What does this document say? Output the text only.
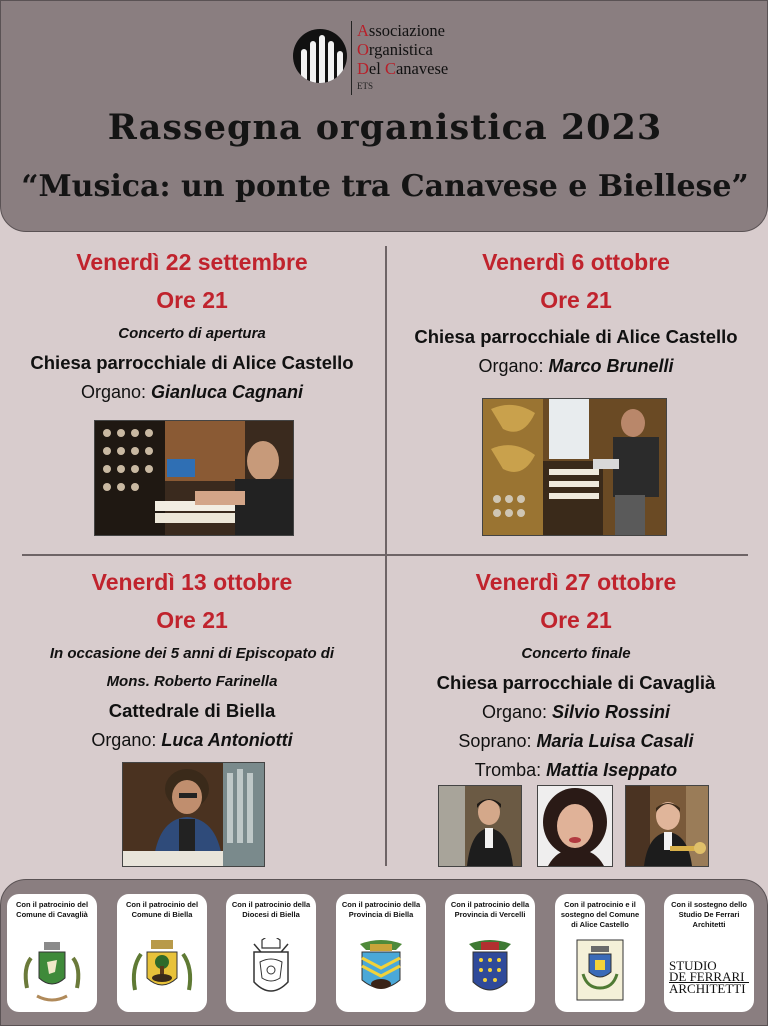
Associazione
Organistica
Del Canavese
ETS
Rassegna organistica 2023
“Musica: un ponte tra Canavese e Biellese”
Venerdì 22 settembre
Ore 21
Concerto di apertura
Chiesa parrocchiale di Alice Castello
Organo: Gianluca Cagnani
Venerdì 6 ottobre
Ore 21
Chiesa parrocchiale di Alice Castello
Organo: Marco Brunelli
Venerdì 13 ottobre
Ore 21
In occasione dei 5 anni di Episcopato di
Mons. Roberto Farinella
Cattedrale di Biella
Organo: Luca Antoniotti
Venerdì 27 ottobre
Ore 21
Concerto finale
Chiesa parrocchiale di Cavaglià
Organo: Silvio Rossini
Soprano: Maria Luisa Casali
Tromba: Mattia Iseppato
Con il patrocinio del Comune di Cavaglià
Con il patrocinio del Comune di Biella
Con il patrocinio della Diocesi di Biella
Con il patrocinio della Provincia di Biella
Con il patrocinio della Provincia di Vercelli
Con il patrocinio e il sostegno del Comune di Alice Castello
Con il sostegno dello Studio De Ferrari Architetti
STUDIO
DE FERRARI
ARCHITETTI
